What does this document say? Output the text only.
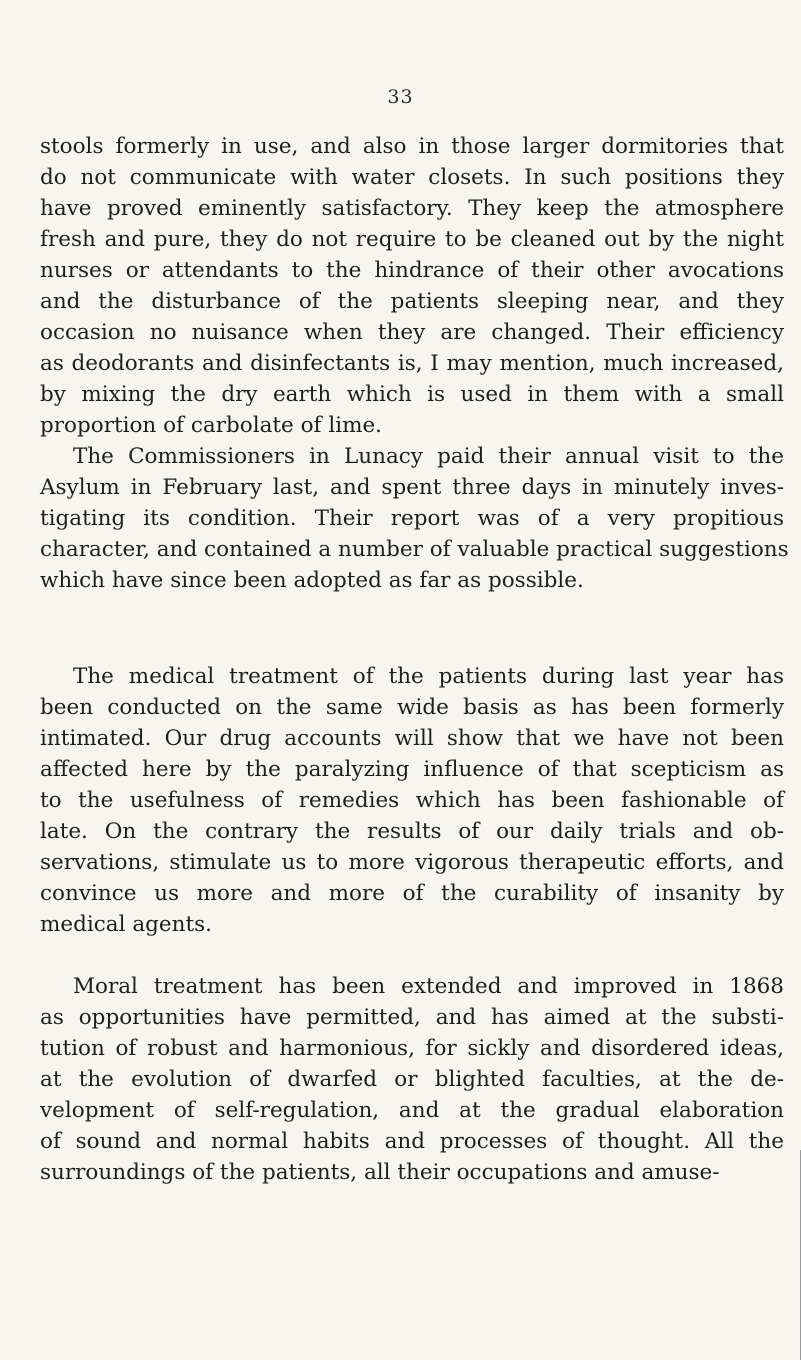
33
stools formerly in use, and also in those larger dormitories that
do not communicate with water closets. In such positions they
have proved eminently satisfactory. They keep the atmosphere
fresh and pure, they do not require to be cleaned out by the night
nurses or attendants to the hindrance of their other avocations
and the disturbance of the patients sleeping near, and they
occasion no nuisance when they are changed. Their efficiency
as deodorants and disinfectants is, I may mention, much increased,
by mixing the dry earth which is used in them with a small
proportion of carbolate of lime.
The Commissioners in Lunacy paid their annual visit to the
Asylum in February last, and spent three days in minutely inves-
tigating its condition. Their report was of a very propitious
character, and contained a number of valuable practical suggestions
which have since been adopted as far as possible.
The medical treatment of the patients during last year has
been conducted on the same wide basis as has been formerly
intimated. Our drug accounts will show that we have not been
affected here by the paralyzing influence of that scepticism as
to the usefulness of remedies which has been fashionable of
late. On the contrary the results of our daily trials and ob-
servations, stimulate us to more vigorous therapeutic efforts, and
convince us more and more of the curability of insanity by
medical agents.
Moral treatment has been extended and improved in 1868
as opportunities have permitted, and has aimed at the substi-
tution of robust and harmonious, for sickly and disordered ideas,
at the evolution of dwarfed or blighted faculties, at the de-
velopment of self-regulation, and at the gradual elaboration
of sound and normal habits and processes of thought. All the
surroundings of the patients, all their occupations and amuse-
